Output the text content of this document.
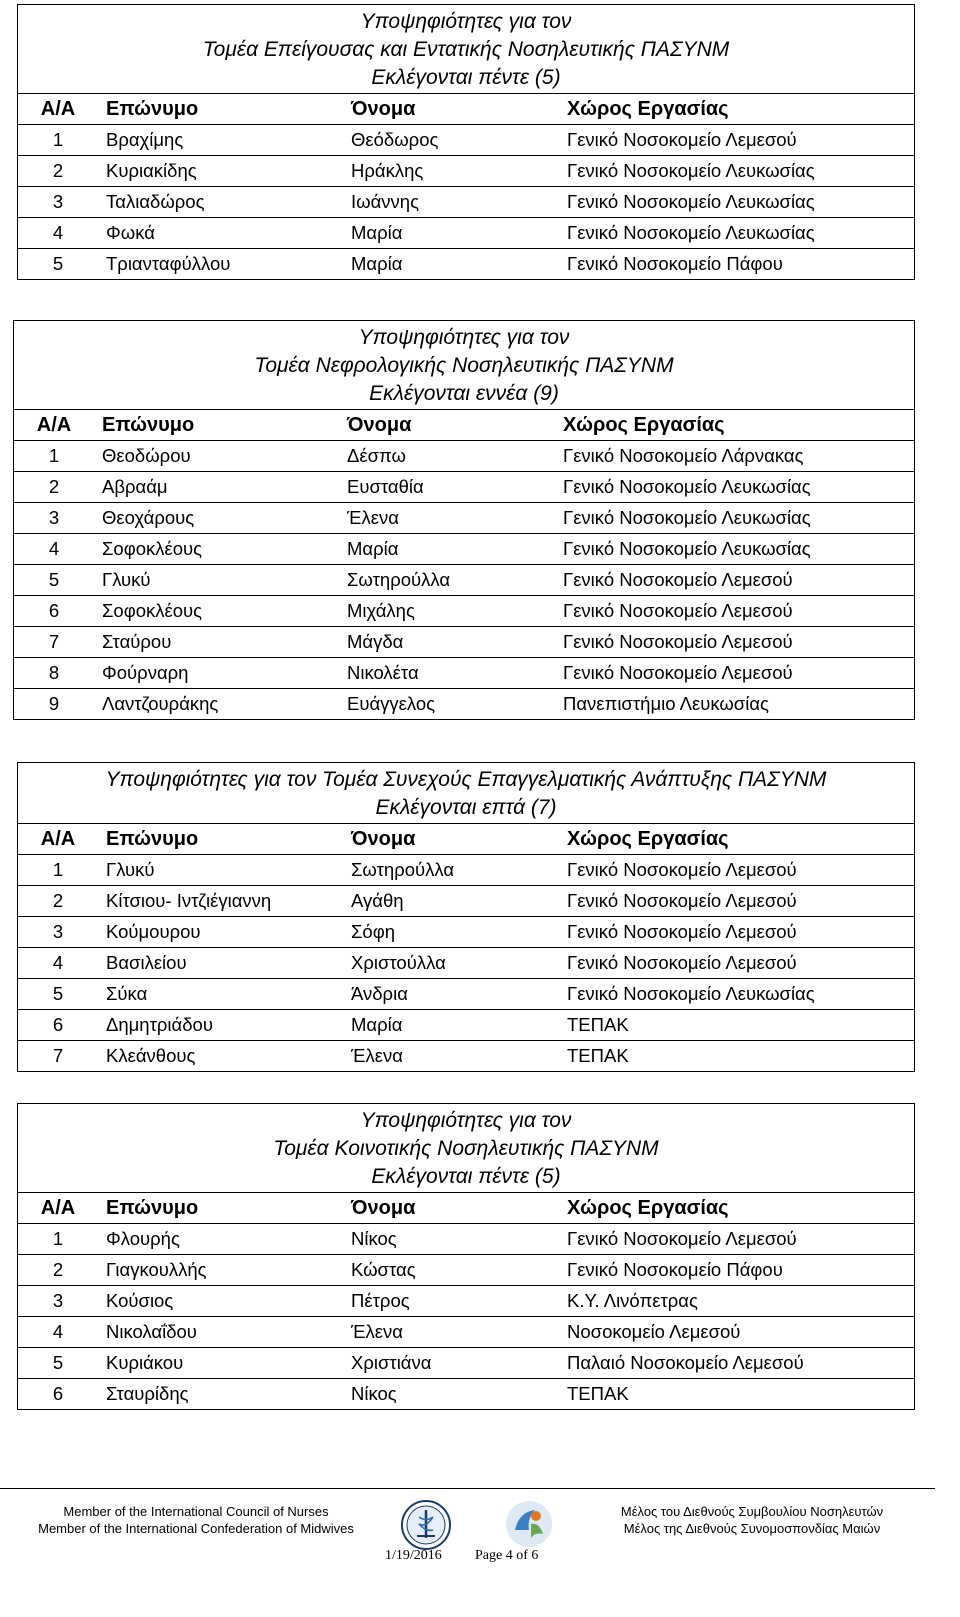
Υποψηφιότητες για τον
Τομέα Επείγουσας και Εντατικής Νοσηλευτικής ΠΑΣΥΝΜ
Εκλέγονται πέντε (5)
Α/Α	Επώνυμο	Όνομα	Χώρος Εργασίας
1	Βραχίμης	Θεόδωρος	Γενικό Νοσοκομείο Λεμεσού
2	Κυριακίδης	Ηράκλης	Γενικό Νοσοκομείο Λευκωσίας
3	Ταλιαδώρος	Ιωάννης	Γενικό Νοσοκομείο Λευκωσίας
4	Φωκά	Μαρία	Γενικό Νοσοκομείο Λευκωσίας
5	Τριανταφύλλου	Μαρία	Γενικό Νοσοκομείο Πάφου
Υποψηφιότητες για τον
Τομέα Νεφρολογικής Νοσηλευτικής ΠΑΣΥΝΜ
Εκλέγονται εννέα (9)
Α/Α	Επώνυμο	Όνομα	Χώρος Εργασίας
1	Θεοδώρου	Δέσπω	Γενικό Νοσοκομείο Λάρνακας
2	Αβραάμ	Ευσταθία	Γενικό Νοσοκομείο Λευκωσίας
3	Θεοχάρους	Έλενα	Γενικό Νοσοκομείο Λευκωσίας
4	Σοφοκλέους	Μαρία	Γενικό Νοσοκομείο Λευκωσίας
5	Γλυκύ	Σωτηρούλλα	Γενικό Νοσοκομείο Λεμεσού
6	Σοφοκλέους	Μιχάλης	Γενικό Νοσοκομείο Λεμεσού
7	Σταύρου	Μάγδα	Γενικό Νοσοκομείο Λεμεσού
8	Φούρναρη	Νικολέτα	Γενικό Νοσοκομείο Λεμεσού
9	Λαντζουράκης	Ευάγγελος	Πανεπιστήμιο Λευκωσίας
Υποψηφιότητες για τον Τομέα Συνεχούς Επαγγελματικής Ανάπτυξης ΠΑΣΥΝΜ
Εκλέγονται επτά (7)
Α/Α	Επώνυμο	Όνομα	Χώρος Εργασίας
1	Γλυκύ	Σωτηρούλλα	Γενικό Νοσοκομείο Λεμεσού
2	Κίτσιου- Ιντζιέγιαννη	Αγάθη	Γενικό Νοσοκομείο Λεμεσού
3	Κούμουρου	Σόφη	Γενικό Νοσοκομείο Λεμεσού
4	Βασιλείου	Χριστούλλα	Γενικό Νοσοκομείο Λεμεσού
5	Σύκα	Άνδρια	Γενικό Νοσοκομείο Λευκωσίας
6	Δημητριάδου	Μαρία	ΤΕΠΑΚ
7	Κλεάνθους	Έλενα	ΤΕΠΑΚ
Υποψηφιότητες για τον
Τομέα Κοινοτικής Νοσηλευτικής ΠΑΣΥΝΜ
Εκλέγονται πέντε (5)
Α/Α	Επώνυμο	Όνομα	Χώρος Εργασίας
1	Φλουρής	Νίκος	Γενικό Νοσοκομείο Λεμεσού
2	Γιαγκουλλής	Κώστας	Γενικό Νοσοκομείο Πάφου
3	Κούσιος	Πέτρος	Κ.Υ. Λινόπετρας
4	Νικολαΐδου	Έλενα	Νοσοκομείο Λεμεσού
5	Κυριάκου	Χριστιάνα	Παλαιό Νοσοκομείο Λεμεσού
6	Σταυρίδης	Νίκος	ΤΕΠΑΚ
Member of the International Council of Nurses
Member of the International Confederation of Midwives
Μέλος του Διεθνούς Συμβουλίου Νοσηλευτών
Μέλος της Διεθνούς Συνομοσπονδίας Μαιών
1/19/2016 Page 4 of 6
